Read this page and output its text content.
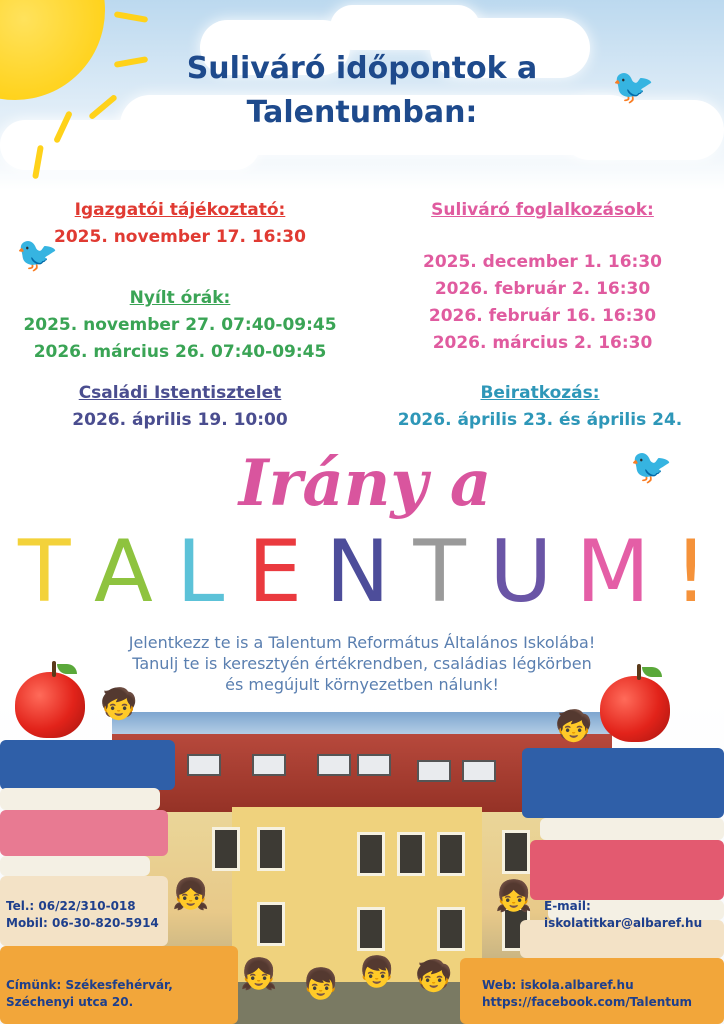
🐦
Suliváró időpontok a
Talentumban:
Igazgatói tájékoztató:
2025. november 17. 16:30
🐦
Nyílt órák:
2025. november 27. 07:40-09:45
2026. március 26. 07:40-09:45
Családi Istentisztelet
2026. április 19. 10:00
Suliváró foglalkozások:
2025. december 1. 16:30
2026. február 2. 16:30
2026. február 16. 16:30
2026. március 2. 16:30
Beiratkozás:
2026. április 23. és április 24.
🐦
Irány a
T A L E N T U M !
Jelentkezz te is a Talentum Református Általános Iskolába!
Tanulj te is keresztyén értékrendben, családias légkörben
és megújult környezetben nálunk!
🧒
🧒
👧	👧
👧 👦 👦 🧒
Tel.: 06/22/310-018
Mobil: 06-30-820-5914
Címünk: Székesfehérvár,
Széchenyi utca 20.
E-mail:
iskolatitkar@albaref.hu
Web: iskola.albaref.hu
https://facebook.com/Talentum
